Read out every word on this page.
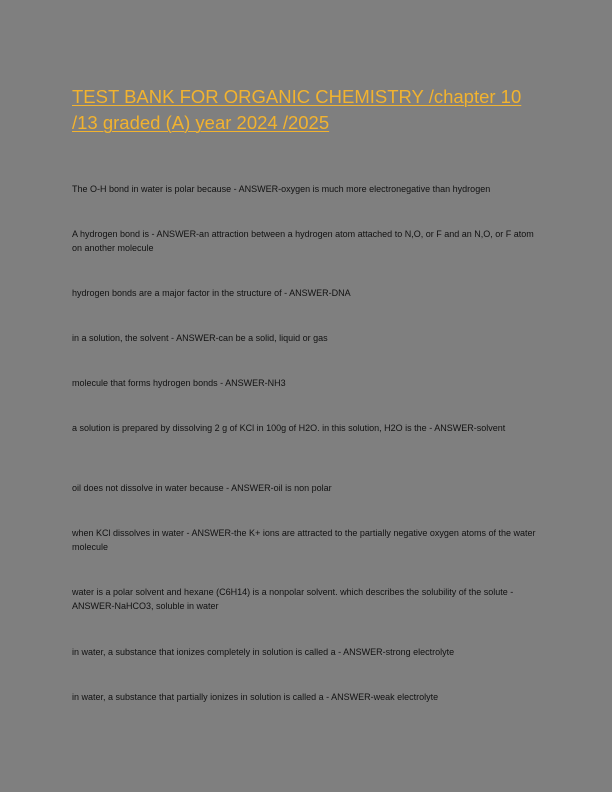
TEST BANK FOR ORGANIC CHEMISTRY /chapter 10 /13 graded (A) year 2024 /2025

The O-H bond in water is polar because - ANSWER-oxygen is much more electronegative than hydrogen

A hydrogen bond is - ANSWER-an attraction between a hydrogen atom attached to N,O, or F and an N,O, or F atom on another molecule

hydrogen bonds are a major factor in the structure of - ANSWER-DNA

in a solution, the solvent - ANSWER-can be a solid, liquid or gas

molecule that forms hydrogen bonds - ANSWER-NH3

a solution is prepared by dissolving 2 g of KCl in 100g of H2O. in this solution, H2O is the - ANSWER-solvent

oil does not dissolve in water because - ANSWER-oil is non polar

when KCl dissolves in water - ANSWER-the K+ ions are attracted to the partially negative oxygen atoms of the water molecule

water is a polar solvent and hexane (C6H14) is a nonpolar solvent. which describes the solubility of the solute - ANSWER-NaHCO3, soluble in water

in water, a substance that ionizes completely in solution is called a - ANSWER-strong electrolyte

in water, a substance that partially ionizes in solution is called a - ANSWER-weak electrolyte
